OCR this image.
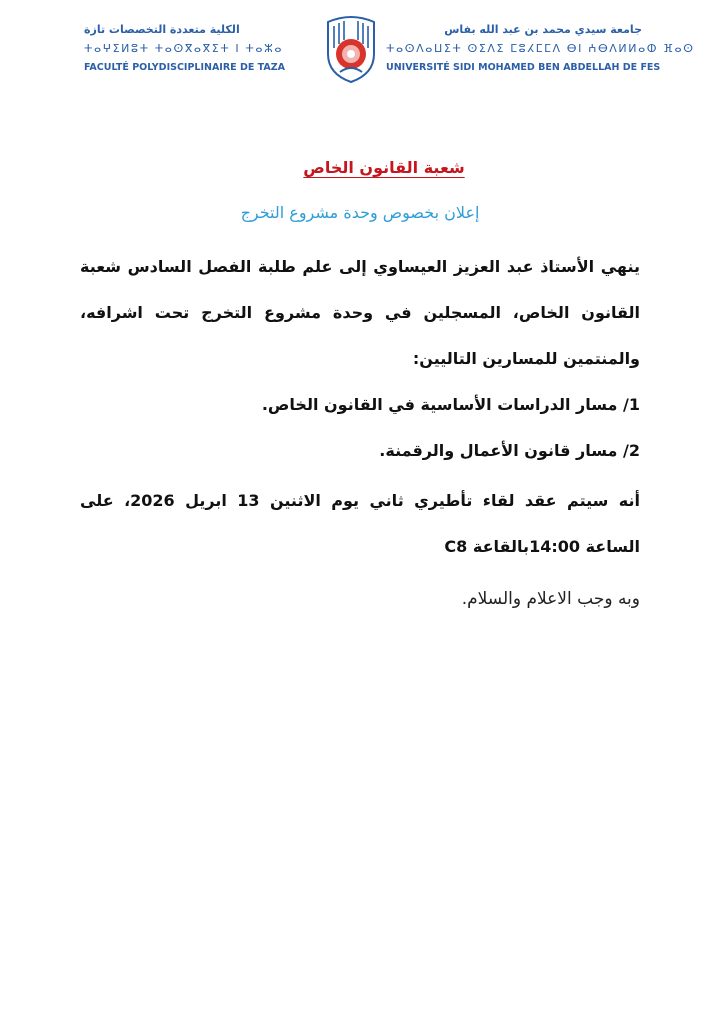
الكلية متعددة التخصصات تازة
ⵜⴰⵖⵉⵍⵓⵜ ⵜⴰⵙⴳⴰⴳⵉⵜ ⵏ ⵜⴰⵣⴰ
FACULTÉ POLYDISCIPLINAIRE DE TAZA
جامعة سيدي محمد بن عبد الله بفاس
ⵜⴰⵙⴷⴰⵡⵉⵜ ⵙⵉⴷⵉ ⵎⵓⵃⵎⵎⴷ ⴱⵏ ⵄⴱⴷⵍⵍⴰⵀ ⴼⴰⵙ
UNIVERSITÉ SIDI MOHAMED BEN ABDELLAH DE FES
شعبة القانون الخاص
إعلان بخصوص وحدة مشروع التخرج
ينهي الأستاذ عبد العزيز العيساوي إلى علم طلبة الفصل السادس شعبة القانون الخاص، المسجلين في وحدة مشروع التخرج تحت اشرافه، والمنتمين للمسارين التاليين:
1/ مسار الدراسات الأساسية في القانون الخاص.
2/ مسار قانون الأعمال والرقمنة.
أنه سيتم عقد لقاء تأطيري ثاني يوم الاثنين 13 ابريل 2026، على الساعة 14:00بالقاعة C8
وبه وجب الاعلام والسلام.
